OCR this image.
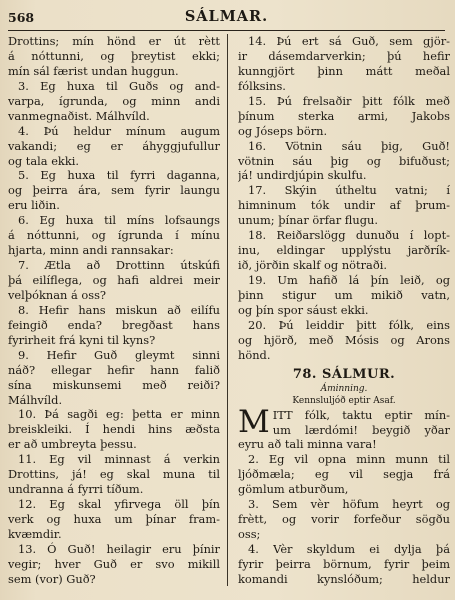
568	SÁLMAR.
Drottins; mín hönd er út rètt
á nóttunni, og þreytist ekki;
mín sál færist undan huggun.
3. Eg huxa til Guðs og and-
varpa, ígrunda, og minn andi
vanmegnaðist. Málhvíld.
4. Þú heldur mínum augum
vakandi; eg er áhyggjufullur
og tala ekki.
5. Eg huxa til fyrri daganna,
og þeirra ára, sem fyrir laungu
eru liðin.
6. Eg huxa til míns lofsaungs
á nóttunni, og ígrunda í mínu
hjarta, minn andi rannsakar:
7. Ætla að Drottinn útskúfi
þá eilíflega, og hafi aldrei meir
velþóknan á oss?
8. Hefir hans miskun að eilífu
feingið enda? bregðast hans
fyrirheit frá kyni til kyns?
9. Hefir Guð gleymt sinni
náð? ellegar hefir hann falið
sína miskunsemi með reiði?
Málhvíld.
10. Þá sagði eg: þetta er minn
breiskleiki. Í hendi hins æðsta
er að umbreyta þessu.
11. Eg vil minnast á verkin
Drottins, já! eg skal muna til
undranna á fyrri tíðum.
12. Eg skal yfirvega öll þín
verk og huxa um þínar fram-
kvæmdir.
13. Ó Guð! heilagir eru þínir
vegir; hver Guð er svo mikill
sem (vor) Guð?
14. Þú ert sá Guð, sem gjör-
ir dásemdarverkin; þú hefir
kunngjört þinn mátt meðal
fólksins.
15. Þú frelsaðir þitt fólk með
þínum sterka armi, Jakobs
og Jóseps börn.
16. Vötnin sáu þig, Guð!
vötnin sáu þig og bifuðust;
já! undirdjúpin skulfu.
17. Skýin útheltu vatni; í
himninum tók undir af þrum-
unum; þínar örfar flugu.
18. Reiðarslögg dunuðu í lopt-
inu, eldingar upplýstu jarðrík-
ið, jörðin skalf og nötraði.
19. Um hafið lá þín leið, og
þinn stigur um mikið vatn,
og þín spor sáust ekki.
20. Þú leiddir þitt fólk, eins
og hjörð, með Mósis og Arons
hönd.
78. SÁLMUR.
Áminning.
Kennsluljóð eptir Asaf.
M ITT fólk, taktu eptir mín-
um lærdómi! beygið yðar
eyru að tali minna vara!
2. Eg vil opna minn munn til
ljóðmæla; eg vil segja frá
gömlum atburðum,
3. Sem vèr höfum heyrt og
frètt, og vorir forfeður sögðu
oss;
4. Vèr skyldum ei dylja þá
fyrir þeirra börnum, fyrir þeim
komandi kynslóðum; heldur
